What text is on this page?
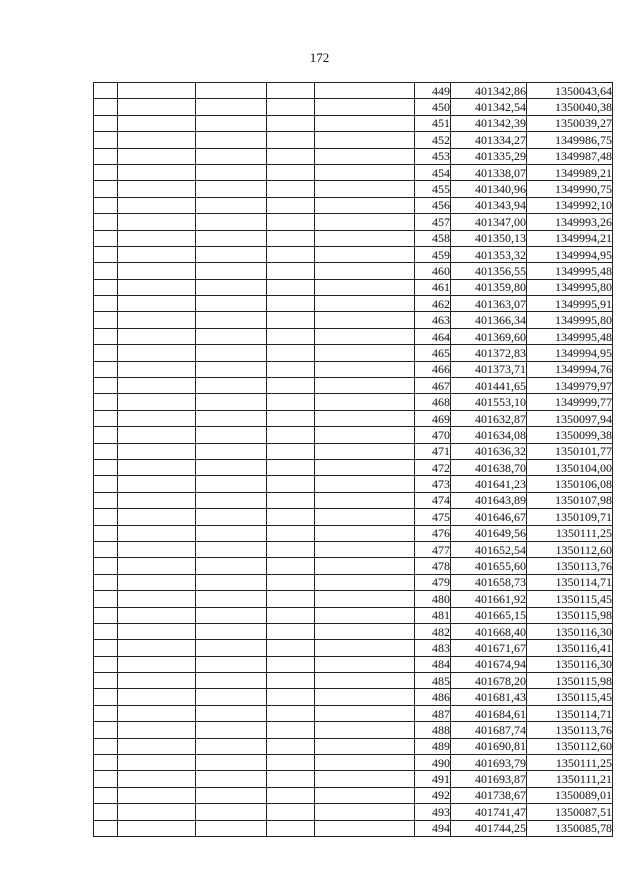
172
					449	401342,86	1350043,64
					450	401342,54	1350040,38
					451	401342,39	1350039,27
					452	401334,27	1349986,75
					453	401335,29	1349987,48
					454	401338,07	1349989,21
					455	401340,96	1349990,75
					456	401343,94	1349992,10
					457	401347,00	1349993,26
					458	401350,13	1349994,21
					459	401353,32	1349994,95
					460	401356,55	1349995,48
					461	401359,80	1349995,80
					462	401363,07	1349995,91
					463	401366,34	1349995,80
					464	401369,60	1349995,48
					465	401372,83	1349994,95
					466	401373,71	1349994,76
					467	401441,65	1349979,97
					468	401553,10	1349999,77
					469	401632,87	1350097,94
					470	401634,08	1350099,38
					471	401636,32	1350101,77
					472	401638,70	1350104,00
					473	401641,23	1350106,08
					474	401643,89	1350107,98
					475	401646,67	1350109,71
					476	401649,56	1350111,25
					477	401652,54	1350112,60
					478	401655,60	1350113,76
					479	401658,73	1350114,71
					480	401661,92	1350115,45
					481	401665,15	1350115,98
					482	401668,40	1350116,30
					483	401671,67	1350116,41
					484	401674,94	1350116,30
					485	401678,20	1350115,98
					486	401681,43	1350115,45
					487	401684,61	1350114,71
					488	401687,74	1350113,76
					489	401690,81	1350112,60
					490	401693,79	1350111,25
					491	401693,87	1350111,21
					492	401738,67	1350089,01
					493	401741,47	1350087,51
					494	401744,25	1350085,78
